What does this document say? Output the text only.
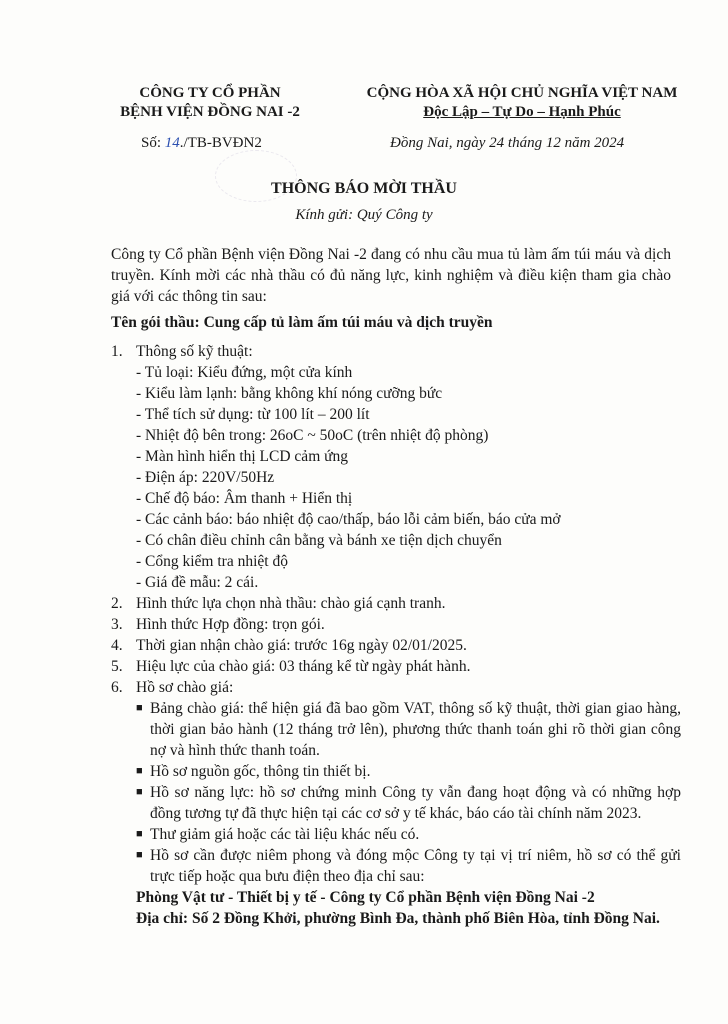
CÔNG TY CỔ PHẦN
BỆNH VIỆN ĐỒNG NAI -2
CỘNG HÒA XÃ HỘI CHỦ NGHĨA VIỆT NAM
Độc Lập – Tự Do – Hạnh Phúc
Số: 14./TB-BVĐN2	Đồng Nai, ngày 24 tháng 12 năm 2024
THÔNG BÁO MỜI THẦU
Kính gửi: Quý Công ty
Công ty Cổ phần Bệnh viện Đồng Nai -2 đang có nhu cầu mua tủ làm ấm túi máu và dịch truyền. Kính mời các nhà thầu có đủ năng lực, kinh nghiệm và điều kiện tham gia chào giá với các thông tin sau:
Tên gói thầu: Cung cấp tủ làm ấm túi máu và dịch truyền
1. Thông số kỹ thuật:
- Tủ loại: Kiểu đứng, một cửa kính
- Kiểu làm lạnh: bằng không khí nóng cưỡng bức
- Thể tích sử dụng: từ 100 lít – 200 lít
- Nhiệt độ bên trong: 26oC ~ 50oC (trên nhiệt độ phòng)
- Màn hình hiển thị LCD cảm ứng
- Điện áp: 220V/50Hz
- Chế độ báo: Âm thanh + Hiển thị
- Các cảnh báo: báo nhiệt độ cao/thấp, báo lỗi cảm biến, báo cửa mở
- Có chân điều chỉnh cân bằng và bánh xe tiện dịch chuyển
- Cổng kiểm tra nhiệt độ
- Giá đề mẫu: 2 cái.
2. Hình thức lựa chọn nhà thầu: chào giá cạnh tranh.
3. Hình thức Hợp đồng: trọn gói.
4. Thời gian nhận chào giá: trước 16g ngày 02/01/2025.
5. Hiệu lực của chào giá: 03 tháng kể từ ngày phát hành.
6. Hồ sơ chào giá:
■ Bảng chào giá: thể hiện giá đã bao gồm VAT, thông số kỹ thuật, thời gian giao hàng, thời gian bảo hành (12 tháng trở lên), phương thức thanh toán ghi rõ thời gian công nợ và hình thức thanh toán.
■ Hồ sơ nguồn gốc, thông tin thiết bị.
■ Hồ sơ năng lực: hồ sơ chứng minh Công ty vẫn đang hoạt động và có những hợp đồng tương tự đã thực hiện tại các cơ sở y tế khác, báo cáo tài chính năm 2023.
■ Thư giảm giá hoặc các tài liệu khác nếu có.
■ Hồ sơ cần được niêm phong và đóng mộc Công ty tại vị trí niêm, hồ sơ có thể gửi trực tiếp hoặc qua bưu điện theo địa chỉ sau:
Phòng Vật tư - Thiết bị y tế - Công ty Cổ phần Bệnh viện Đồng Nai -2
Địa chỉ: Số 2 Đồng Khởi, phường Bình Đa, thành phố Biên Hòa, tỉnh Đồng Nai.
